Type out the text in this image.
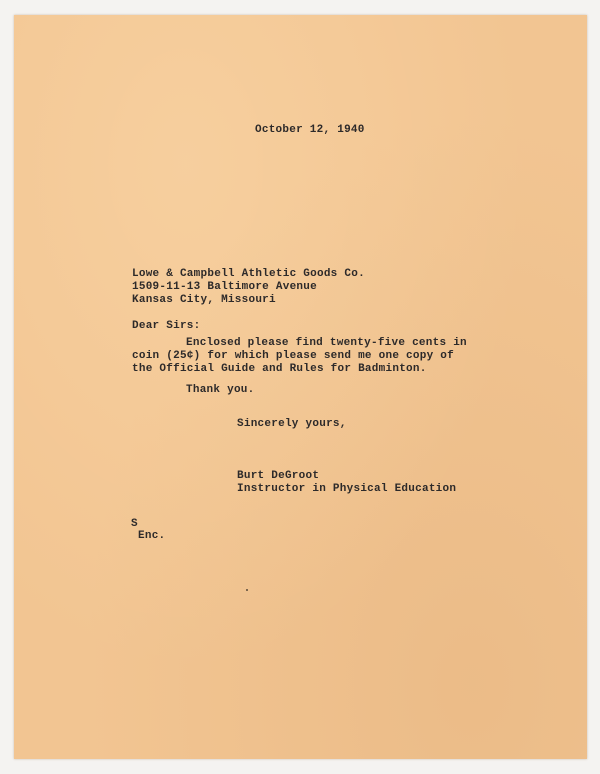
October 12, 1940

Lowe & Campbell Athletic Goods Co.

1509-11-13 Baltimore Avenue

Kansas City, Missouri

Dear Sirs:

Enclosed please find twenty-five cents in

coin (25¢) for which please send me one copy of

the Official Guide and Rules for Badminton.

Thank you.

Sincerely yours,

Burt DeGroot

Instructor in Physical Education

S

Enc.
